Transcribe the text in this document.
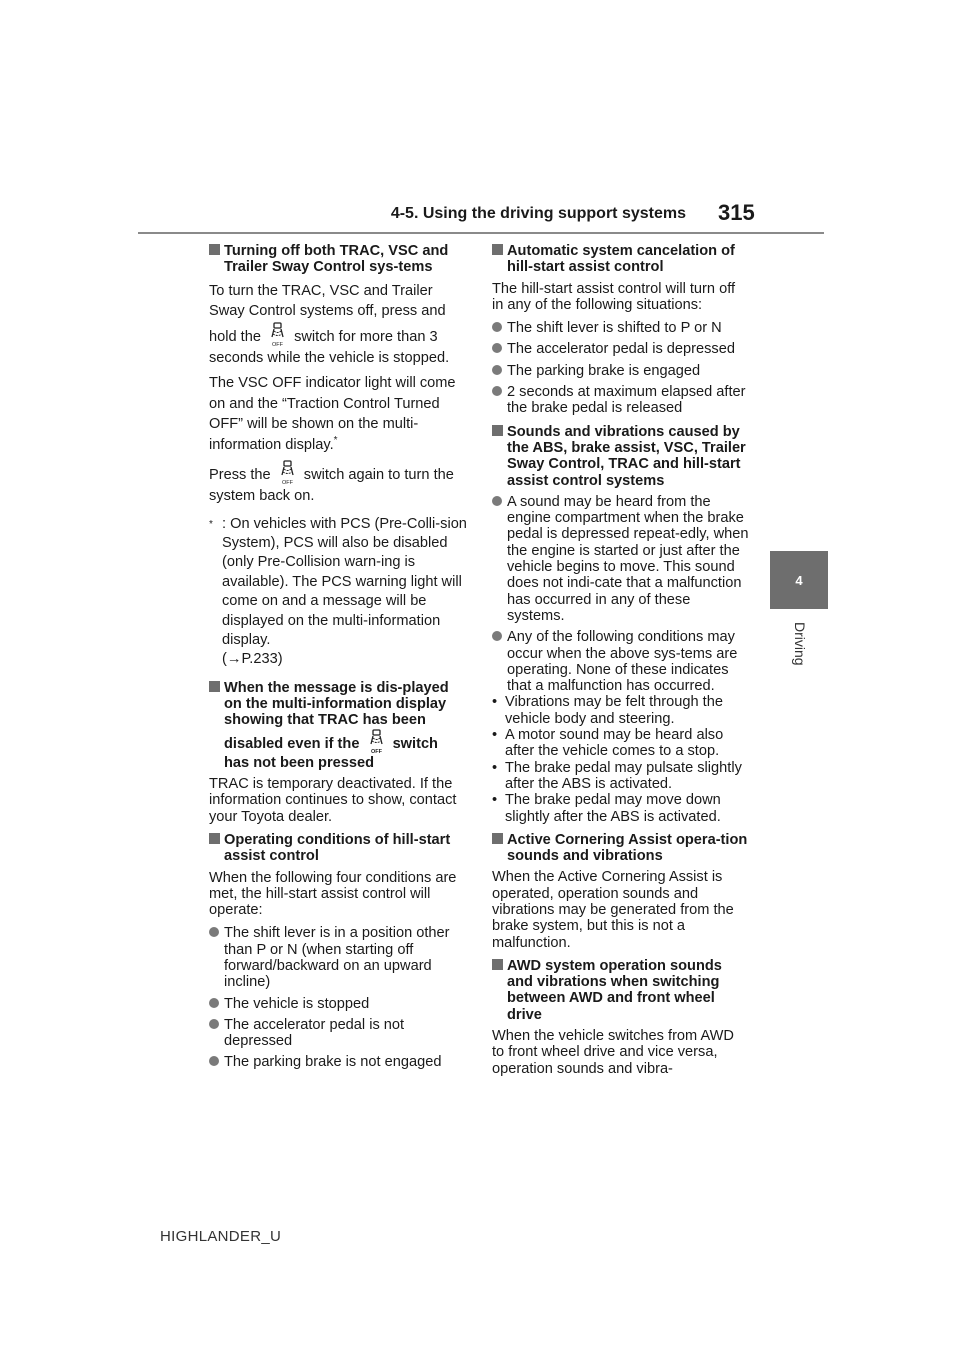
4-5. Using the driving support systems 315
4
Driving
HIGHLANDER_U
Turning off both TRAC, VSC and Trailer Sway Control sys-tems
To turn the TRAC, VSC and Trailer Sway Control systems off, press and hold the OFF switch for more than 3 seconds while the vehicle is stopped.
The VSC OFF indicator light will come on and the “Traction Control Turned OFF” will be shown on the multi-information display.*
Press the OFF switch again to turn the system back on.
* : On vehicles with PCS (Pre-Colli-sion System), PCS will also be disabled (only Pre-Collision warn-ing is available). The PCS warning light will come on and a message will be displayed on the multi-information display.
(→P.233)
When the message is dis-played on the multi-information display showing that TRAC has been disabled even if the OFF switch has not been pressed
TRAC is temporary deactivated. If the information continues to show, contact your Toyota dealer.
Operating conditions of hill-start assist control
When the following four conditions are met, the hill-start assist control will operate:
The shift lever is in a position other than P or N (when starting off forward/backward on an upward incline)
The vehicle is stopped
The accelerator pedal is not depressed
The parking brake is not engaged
Automatic system cancelation of hill-start assist control
The hill-start assist control will turn off in any of the following situations:
The shift lever is shifted to P or N
The accelerator pedal is depressed
The parking brake is engaged
2 seconds at maximum elapsed after the brake pedal is released
Sounds and vibrations caused by the ABS, brake assist, VSC, Trailer Sway Control, TRAC and hill-start assist control systems
A sound may be heard from the engine compartment when the brake pedal is depressed repeat-edly, when the engine is started or just after the vehicle begins to move. This sound does not indi-cate that a malfunction has occurred in any of these systems.
Any of the following conditions may occur when the above sys-tems are operating. None of these indicates that a malfunction has occurred.
• Vibrations may be felt through the vehicle body and steering.
• A motor sound may be heard also after the vehicle comes to a stop.
• The brake pedal may pulsate slightly after the ABS is activated.
• The brake pedal may move down slightly after the ABS is activated.
Active Cornering Assist opera-tion sounds and vibrations
When the Active Cornering Assist is operated, operation sounds and vibrations may be generated from the brake system, but this is not a malfunction.
AWD system operation sounds and vibrations when switching between AWD and front wheel drive
When the vehicle switches from AWD to front wheel drive and vice versa, operation sounds and vibra-
